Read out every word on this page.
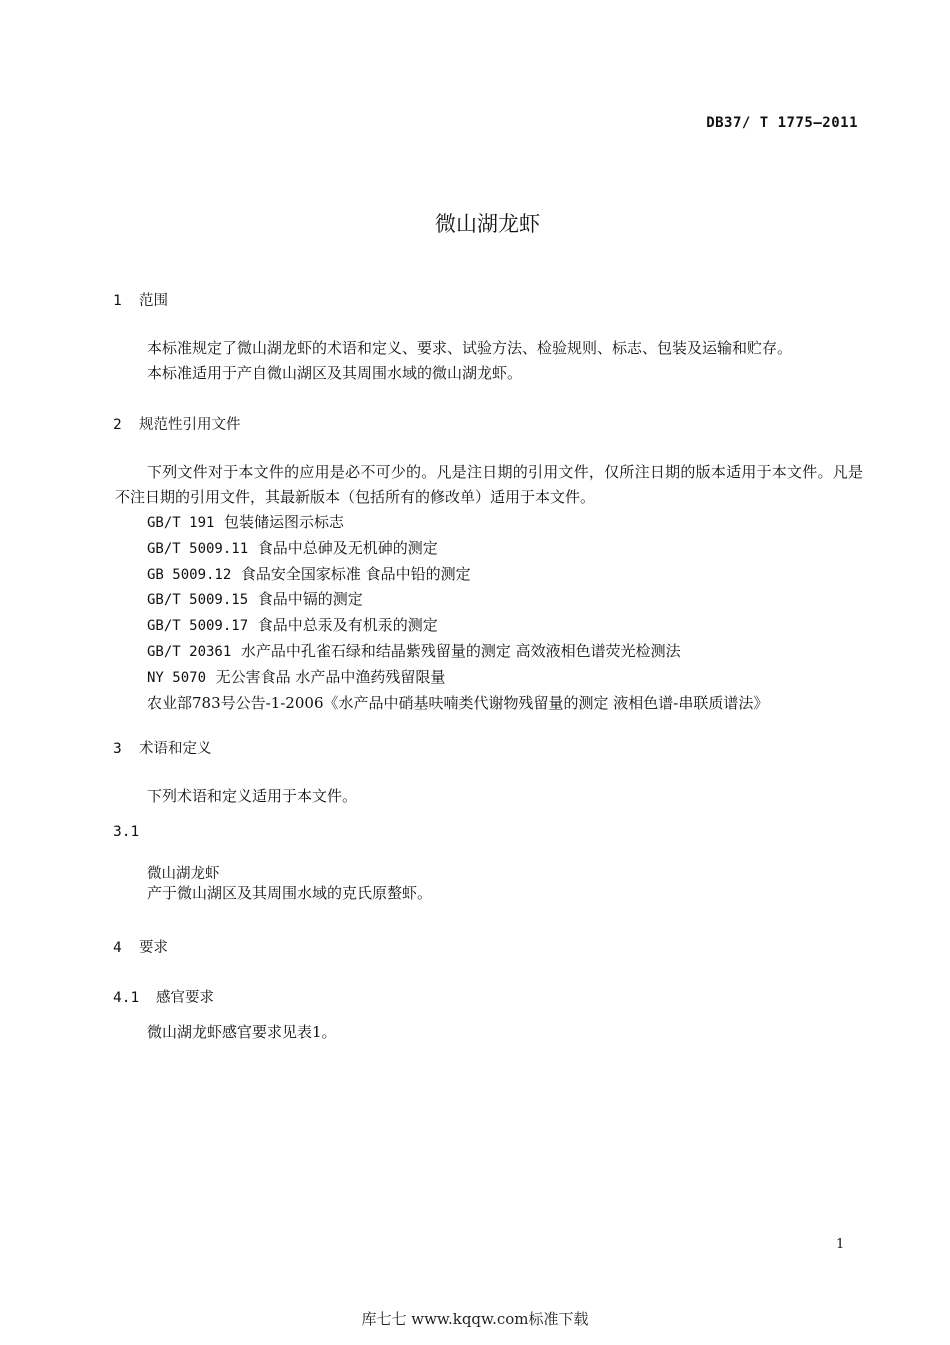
DB37/ T 1775—2011
微山湖龙虾
1 范围
本标准规定了微山湖龙虾的术语和定义、要求、试验方法、检验规则、标志、包装及运输和贮存。
本标准适用于产自微山湖区及其周围水域的微山湖龙虾。
2 规范性引用文件
下列文件对于本文件的应用是必不可少的。凡是注日期的引用文件，仅所注日期的版本适用于本文件。凡是不注日期的引用文件，其最新版本（包括所有的修改单）适用于本文件。
GB/T 191 包装储运图示标志
GB/T 5009.11 食品中总砷及无机砷的测定
GB 5009.12 食品安全国家标准 食品中铅的测定
GB/T 5009.15 食品中镉的测定
GB/T 5009.17 食品中总汞及有机汞的测定
GB/T 20361 水产品中孔雀石绿和结晶紫残留量的测定 高效液相色谱荧光检测法
NY 5070 无公害食品 水产品中渔药残留限量
农业部783号公告-1-2006《水产品中硝基呋喃类代谢物残留量的测定 液相色谱-串联质谱法》
3 术语和定义
下列术语和定义适用于本文件。
3.1
微山湖龙虾
产于微山湖区及其周围水域的克氏原螯虾。
4 要求
4.1 感官要求
微山湖龙虾感官要求见表1。
1
库七七 www.kqqw.com标准下载
